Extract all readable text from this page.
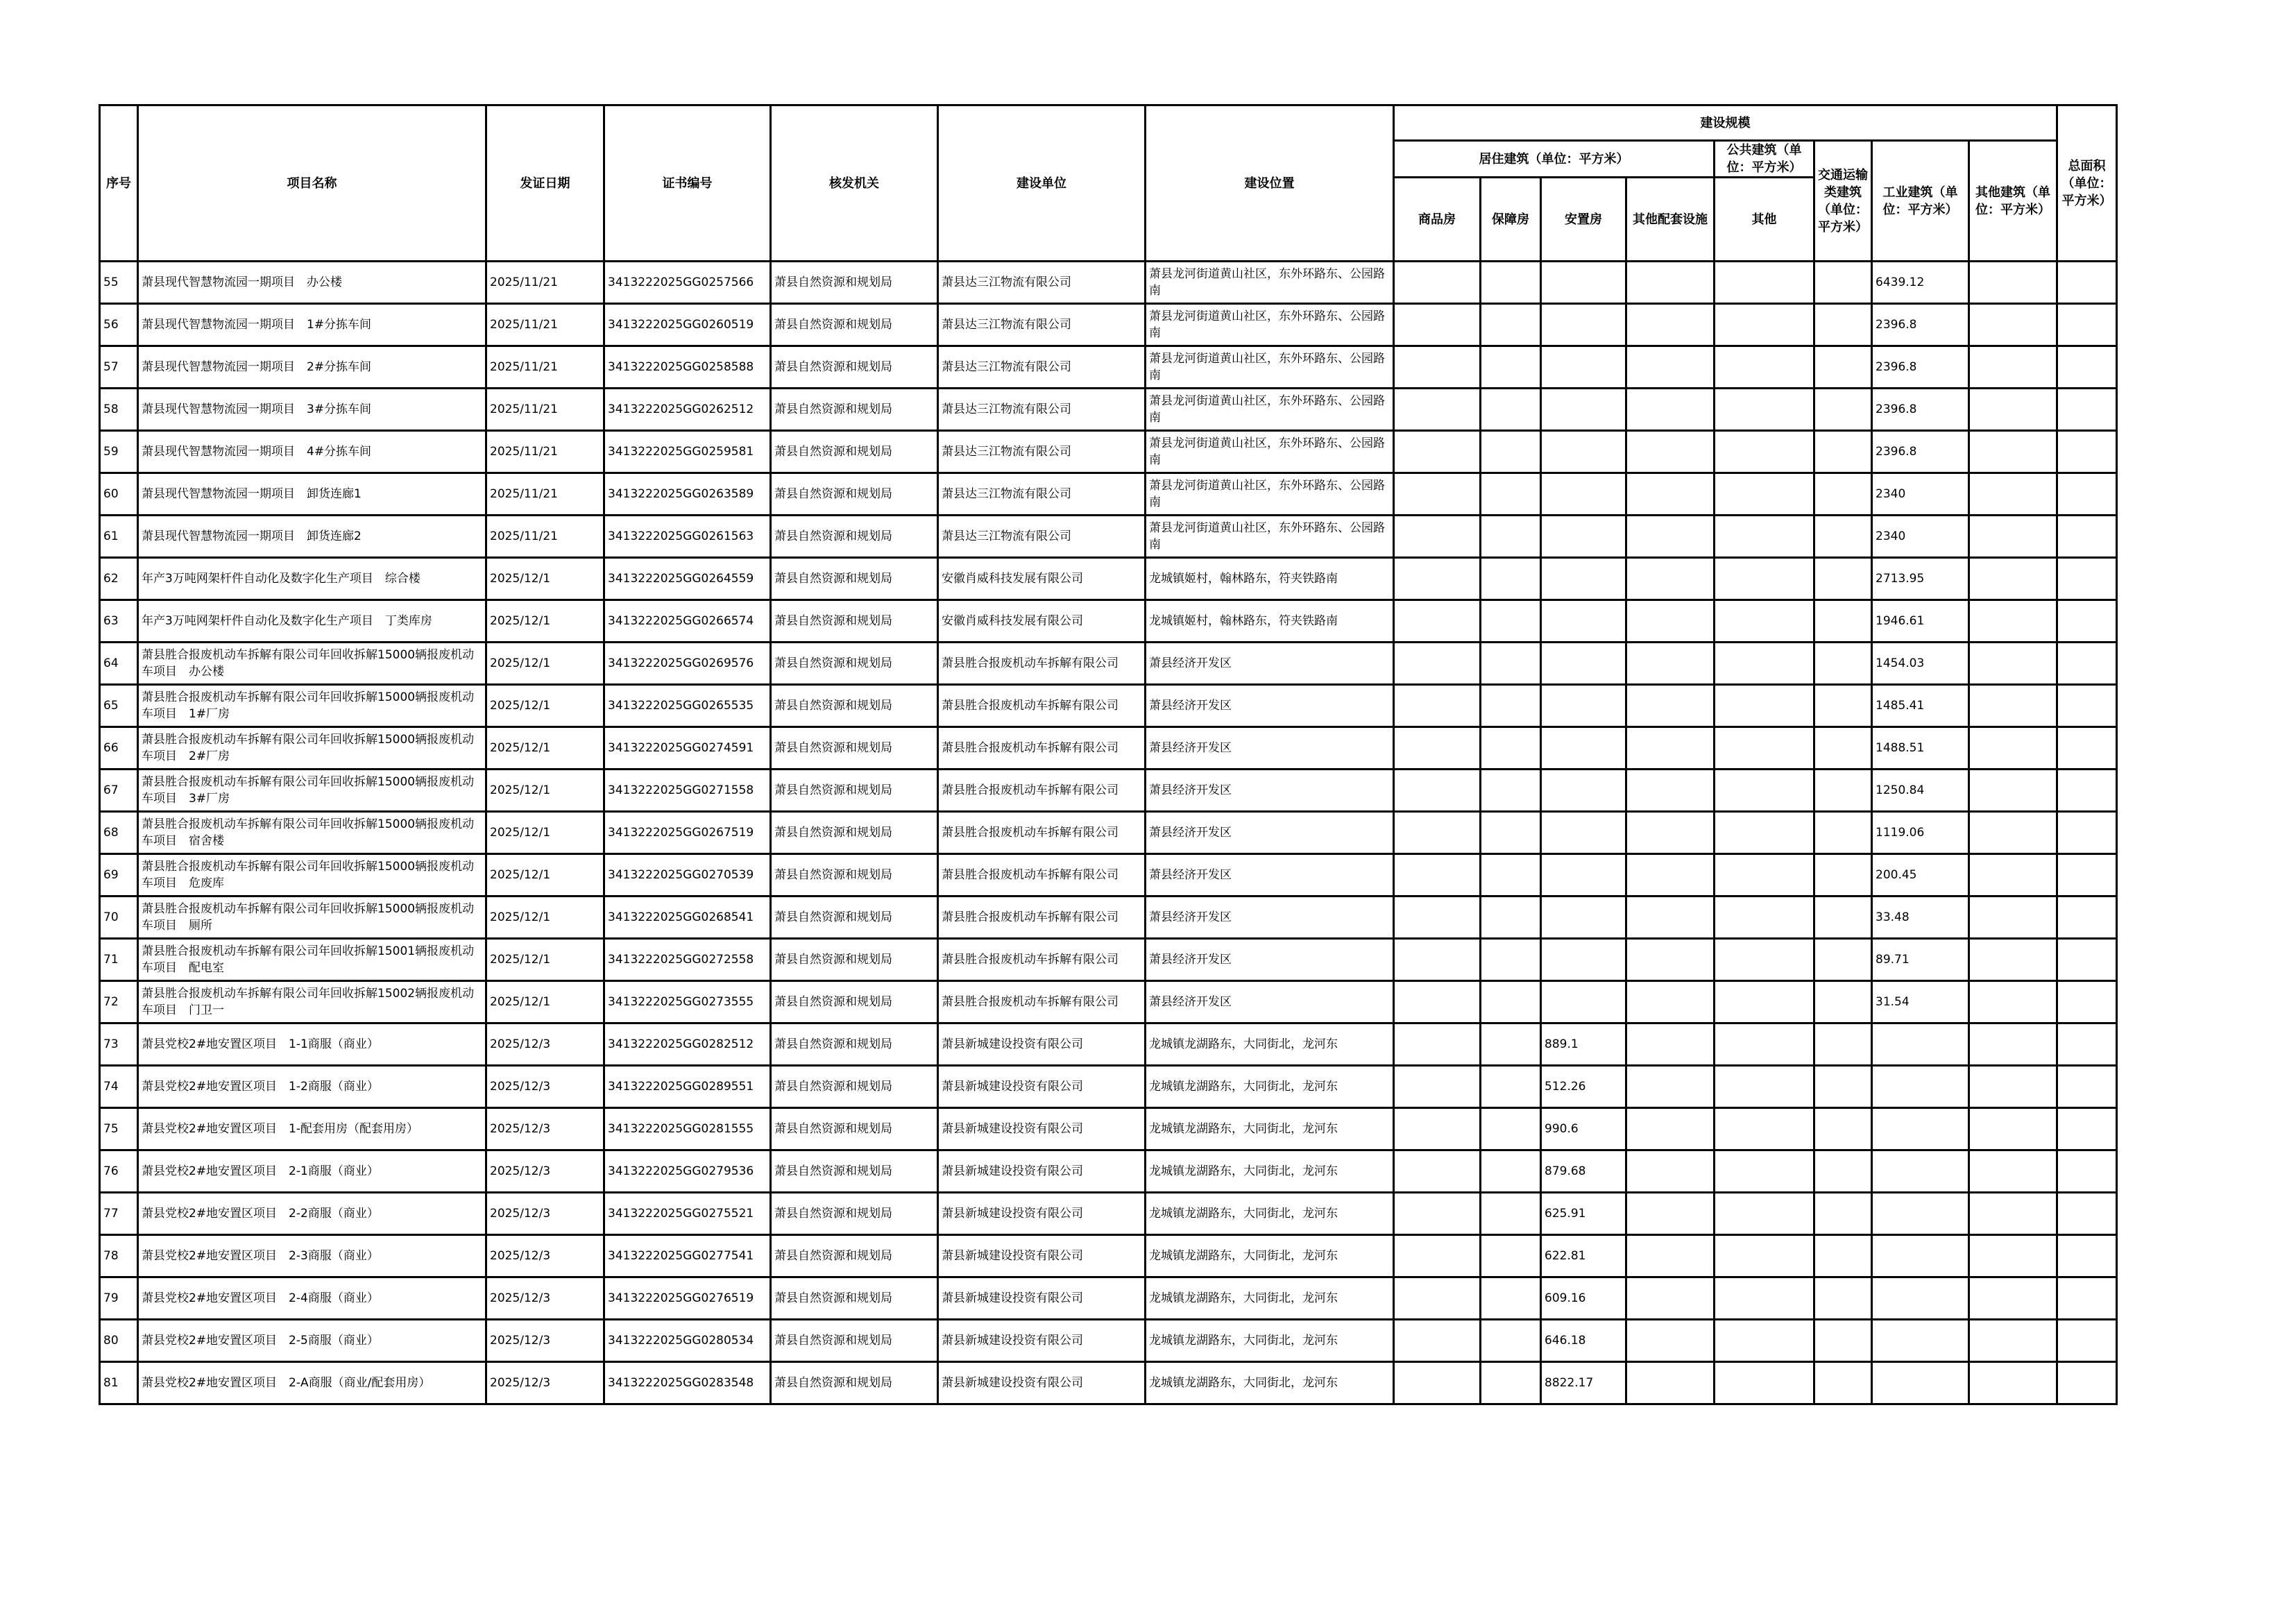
序号	项目名称	发证日期	证书编号	核发机关	建设单位	建设位置	建设规模								总面积（单位：平方米）
							居住建筑（单位：平方米）				公共建筑（单位：平方米）	交通运输类建筑（单位：平方米）	工业建筑（单位：平方米）	其他建筑（单位：平方米）	
							商品房	保障房	安置房	其他配套设施	其他				
55	萧县现代智慧物流园一期项目　办公楼	2025/11/21	3413222025GG0257566	萧县自然资源和规划局	萧县达三江物流有限公司	萧县龙河街道黄山社区，东外环路东、公园路南							6439.12		
56	萧县现代智慧物流园一期项目　1#分拣车间	2025/11/21	3413222025GG0260519	萧县自然资源和规划局	萧县达三江物流有限公司	萧县龙河街道黄山社区，东外环路东、公园路南							2396.8		
57	萧县现代智慧物流园一期项目　2#分拣车间	2025/11/21	3413222025GG0258588	萧县自然资源和规划局	萧县达三江物流有限公司	萧县龙河街道黄山社区，东外环路东、公园路南							2396.8		
58	萧县现代智慧物流园一期项目　3#分拣车间	2025/11/21	3413222025GG0262512	萧县自然资源和规划局	萧县达三江物流有限公司	萧县龙河街道黄山社区，东外环路东、公园路南							2396.8		
59	萧县现代智慧物流园一期项目　4#分拣车间	2025/11/21	3413222025GG0259581	萧县自然资源和规划局	萧县达三江物流有限公司	萧县龙河街道黄山社区，东外环路东、公园路南							2396.8		
60	萧县现代智慧物流园一期项目　卸货连廊1	2025/11/21	3413222025GG0263589	萧县自然资源和规划局	萧县达三江物流有限公司	萧县龙河街道黄山社区，东外环路东、公园路南							2340		
61	萧县现代智慧物流园一期项目　卸货连廊2	2025/11/21	3413222025GG0261563	萧县自然资源和规划局	萧县达三江物流有限公司	萧县龙河街道黄山社区，东外环路东、公园路南							2340		
62	年产3万吨网架杆件自动化及数字化生产项目　综合楼	2025/12/1	3413222025GG0264559	萧县自然资源和规划局	安徽肖威科技发展有限公司	龙城镇姬村，翰林路东，符夹铁路南							2713.95		
63	年产3万吨网架杆件自动化及数字化生产项目　丁类库房	2025/12/1	3413222025GG0266574	萧县自然资源和规划局	安徽肖威科技发展有限公司	龙城镇姬村，翰林路东，符夹铁路南							1946.61		
64	萧县胜合报废机动车拆解有限公司年回收拆解15000辆报废机动车项目　办公楼	2025/12/1	3413222025GG0269576	萧县自然资源和规划局	萧县胜合报废机动车拆解有限公司	萧县经济开发区							1454.03		
65	萧县胜合报废机动车拆解有限公司年回收拆解15000辆报废机动车项目　1#厂房	2025/12/1	3413222025GG0265535	萧县自然资源和规划局	萧县胜合报废机动车拆解有限公司	萧县经济开发区							1485.41		
66	萧县胜合报废机动车拆解有限公司年回收拆解15000辆报废机动车项目　2#厂房	2025/12/1	3413222025GG0274591	萧县自然资源和规划局	萧县胜合报废机动车拆解有限公司	萧县经济开发区							1488.51		
67	萧县胜合报废机动车拆解有限公司年回收拆解15000辆报废机动车项目　3#厂房	2025/12/1	3413222025GG0271558	萧县自然资源和规划局	萧县胜合报废机动车拆解有限公司	萧县经济开发区							1250.84		
68	萧县胜合报废机动车拆解有限公司年回收拆解15000辆报废机动车项目　宿舍楼	2025/12/1	3413222025GG0267519	萧县自然资源和规划局	萧县胜合报废机动车拆解有限公司	萧县经济开发区							1119.06		
69	萧县胜合报废机动车拆解有限公司年回收拆解15000辆报废机动车项目　危废库	2025/12/1	3413222025GG0270539	萧县自然资源和规划局	萧县胜合报废机动车拆解有限公司	萧县经济开发区							200.45		
70	萧县胜合报废机动车拆解有限公司年回收拆解15000辆报废机动车项目　厕所	2025/12/1	3413222025GG0268541	萧县自然资源和规划局	萧县胜合报废机动车拆解有限公司	萧县经济开发区							33.48		
71	萧县胜合报废机动车拆解有限公司年回收拆解15001辆报废机动车项目　配电室	2025/12/1	3413222025GG0272558	萧县自然资源和规划局	萧县胜合报废机动车拆解有限公司	萧县经济开发区							89.71		
72	萧县胜合报废机动车拆解有限公司年回收拆解15002辆报废机动车项目　门卫一	2025/12/1	3413222025GG0273555	萧县自然资源和规划局	萧县胜合报废机动车拆解有限公司	萧县经济开发区							31.54		
73	萧县党校2#地安置区项目　1-1商服（商业）	2025/12/3	3413222025GG0282512	萧县自然资源和规划局	萧县新城建设投资有限公司	龙城镇龙湖路东，大同街北，龙河东			889.1						
74	萧县党校2#地安置区项目　1-2商服（商业）	2025/12/3	3413222025GG0289551	萧县自然资源和规划局	萧县新城建设投资有限公司	龙城镇龙湖路东，大同街北，龙河东			512.26						
75	萧县党校2#地安置区项目　1-配套用房（配套用房）	2025/12/3	3413222025GG0281555	萧县自然资源和规划局	萧县新城建设投资有限公司	龙城镇龙湖路东，大同街北，龙河东			990.6						
76	萧县党校2#地安置区项目　2-1商服（商业）	2025/12/3	3413222025GG0279536	萧县自然资源和规划局	萧县新城建设投资有限公司	龙城镇龙湖路东，大同街北，龙河东			879.68						
77	萧县党校2#地安置区项目　2-2商服（商业）	2025/12/3	3413222025GG0275521	萧县自然资源和规划局	萧县新城建设投资有限公司	龙城镇龙湖路东，大同街北，龙河东			625.91						
78	萧县党校2#地安置区项目　2-3商服（商业）	2025/12/3	3413222025GG0277541	萧县自然资源和规划局	萧县新城建设投资有限公司	龙城镇龙湖路东，大同街北，龙河东			622.81						
79	萧县党校2#地安置区项目　2-4商服（商业）	2025/12/3	3413222025GG0276519	萧县自然资源和规划局	萧县新城建设投资有限公司	龙城镇龙湖路东，大同街北，龙河东			609.16						
80	萧县党校2#地安置区项目　2-5商服（商业）	2025/12/3	3413222025GG0280534	萧县自然资源和规划局	萧县新城建设投资有限公司	龙城镇龙湖路东，大同街北，龙河东			646.18						
81	萧县党校2#地安置区项目　2-A商服（商业/配套用房）	2025/12/3	3413222025GG0283548	萧县自然资源和规划局	萧县新城建设投资有限公司	龙城镇龙湖路东，大同街北，龙河东			8822.17						
